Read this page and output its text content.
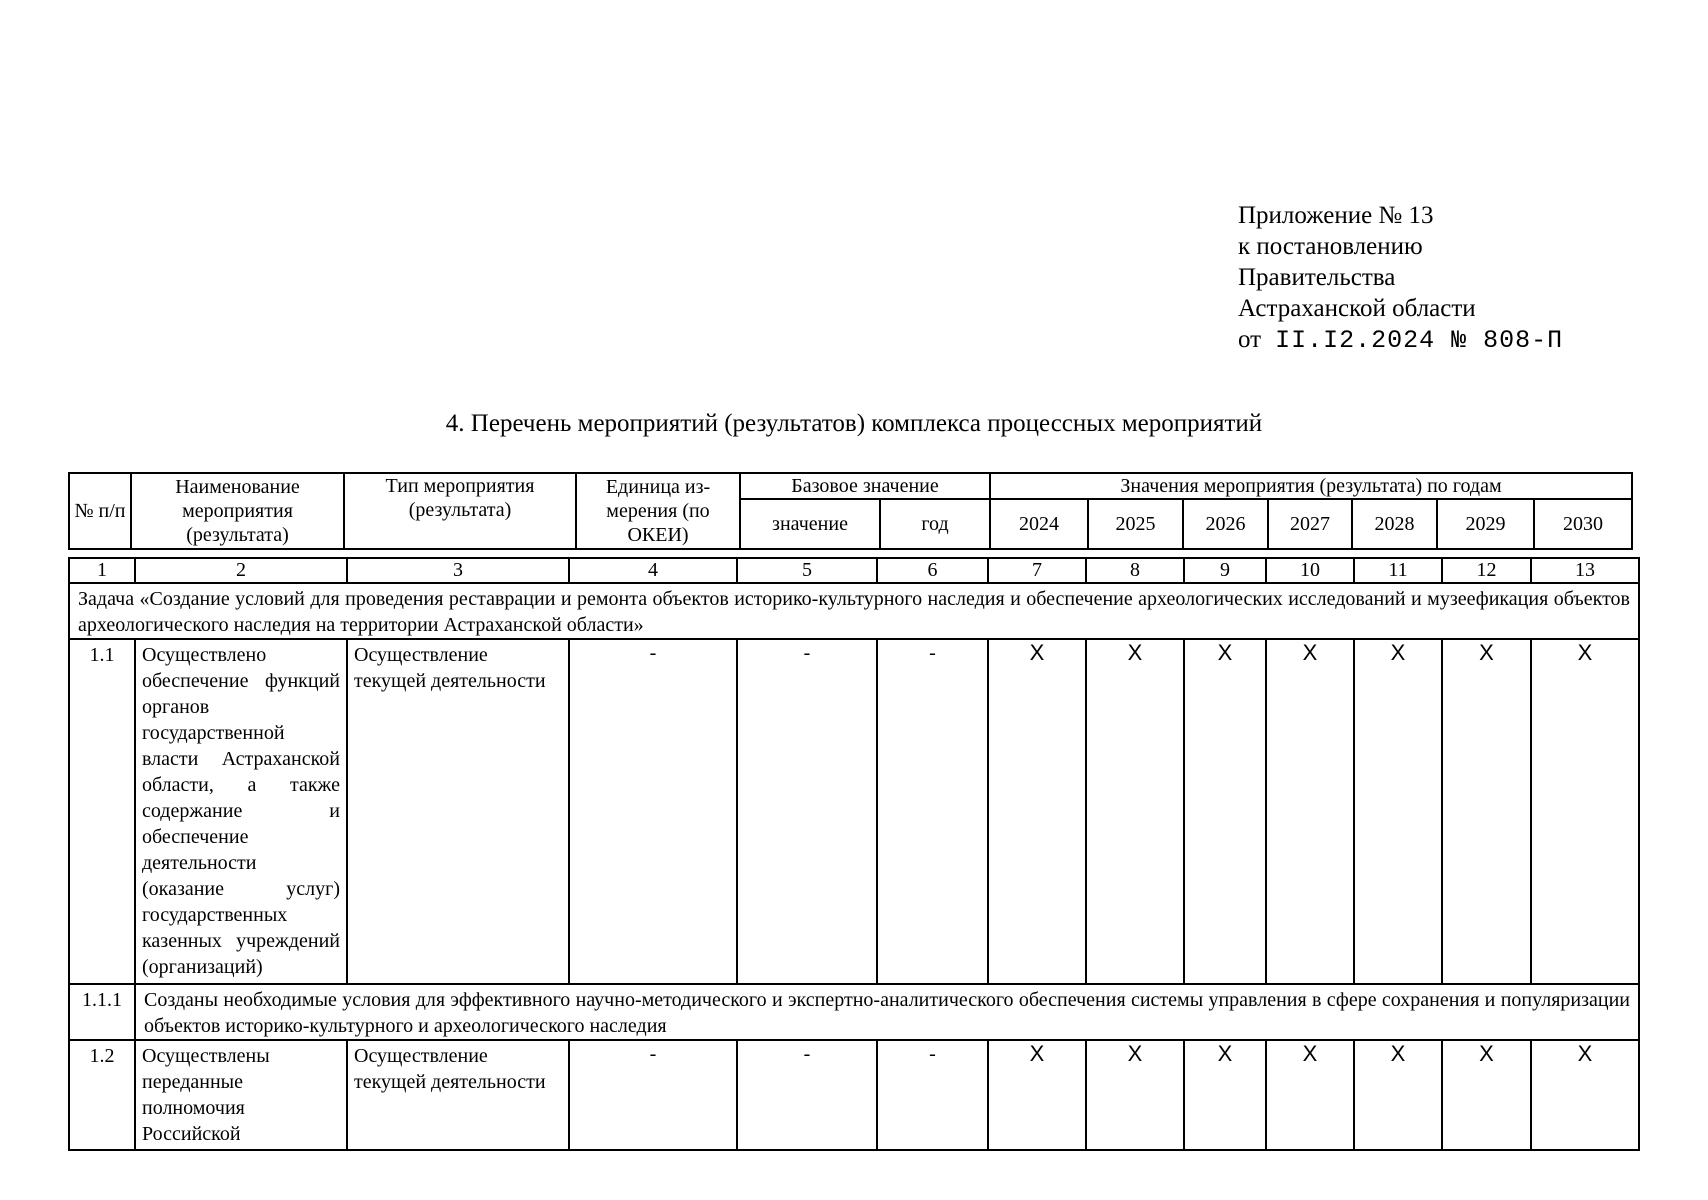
Приложение № 13
к постановлению
Правительства
Астраханской области
от II.I2.2024 № 808-П
4. Перечень мероприятий (результатов) комплекса процессных мероприятий
№ п/п	Наименование мероприятия (результата)	Тип мероприятия (результата)	Единица из-мерения (по ОКЕИ)	Базовое значение		Значения мероприятия (результата) по годам						
				значение	год	2024	2025	2026	2027	2028	2029	2030
1	2	3	4	5	6	7	8	9	10	11	12	13
Задача «Создание условий для проведения реставрации и ремонта объектов историко-культурного наследия и обеспечение археологических исследований и музеефикация объектов археологического наследия на территории Астраханской области»												
1.1	Осуществлено обеспечение функций органов государственной власти Астраханской области, а также содержание и обеспечение деятельности (оказание услуг) государственных казенных учреждений (организаций)	Осуществление текущей деятельности	-	-	-	X	X	X	X	X	X	X
1.1.1	Созданы необходимые условия для эффективного научно-методического и экспертно-аналитического обеспечения системы управления в сфере сохранения и популяризации объектов историко-культурного и археологического наследия											
1.2	Осуществлены переданные полномочия Российской	Осуществление текущей деятельности	-	-	-	X	X	X	X	X	X	X
